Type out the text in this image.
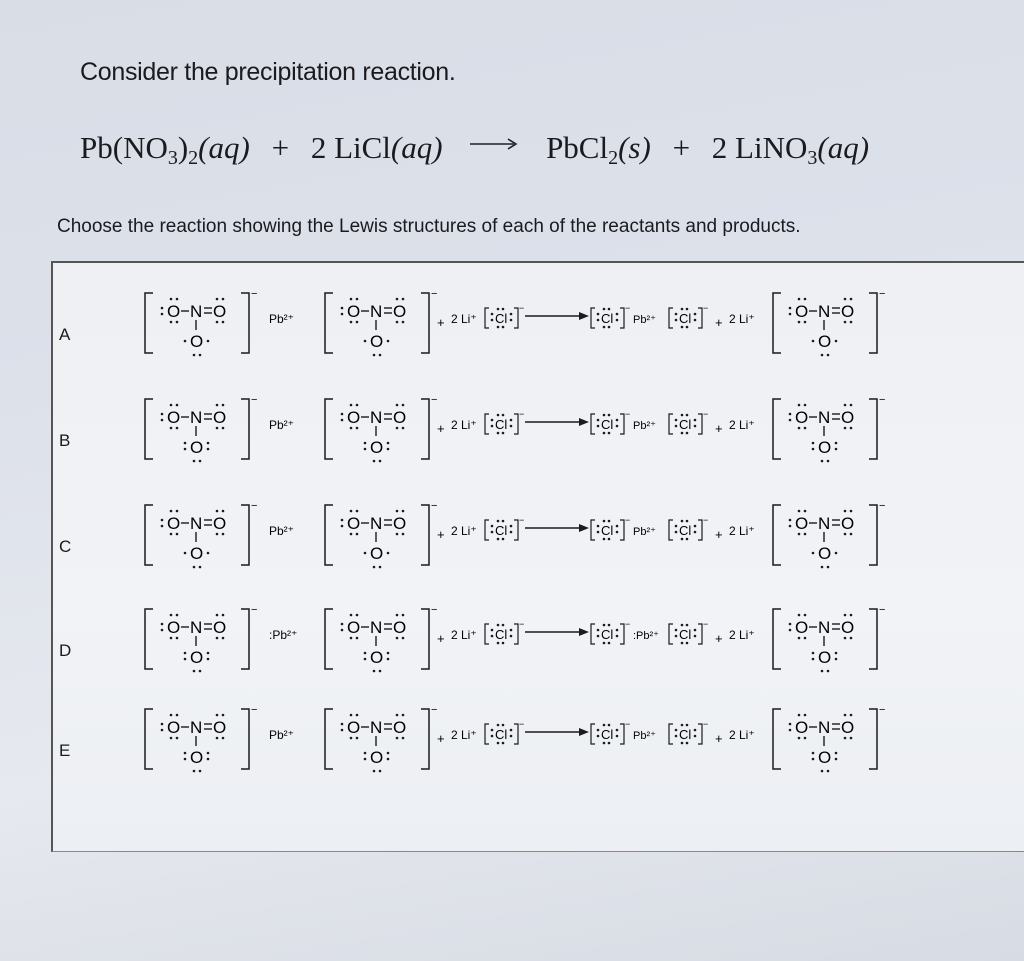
Consider the precipitation reaction.
Pb(NO3)2(aq) + 2 LiCl(aq) → PbCl2(s) + 2 LiNO3(aq)
Choose the reaction showing the Lewis structures of each of the reactants and products.
A
−
O N O
O
Pb²⁺
−
O N O
O
+ 2 Li⁺ Cl
−
Cl
−
Pb²⁺ Cl
−
+ 2 Li⁺
−
O N O
O
B
−
O N O
O
Pb²⁺
−
O N O
O
+ 2 Li⁺ Cl
−
Cl
−
Pb²⁺ Cl
−
+ 2 Li⁺
−
O N O
O
C
−
O N O
O
Pb²⁺
−
O N O
O
+ 2 Li⁺ Cl
−
Cl
−
Pb²⁺ Cl
−
+ 2 Li⁺
−
O N O
O
D
−
O N O
O
:Pb²⁺
−
O N O
O
+ 2 Li⁺ Cl
−
Cl
−
:Pb²⁺ Cl
−
+ 2 Li⁺
−
O N O
O
E
−
O N O
O
Pb²⁺
−
O N O
O
+ 2 Li⁺ Cl
−
Cl
−
Pb²⁺ Cl
−
+ 2 Li⁺
−
O N O
O
